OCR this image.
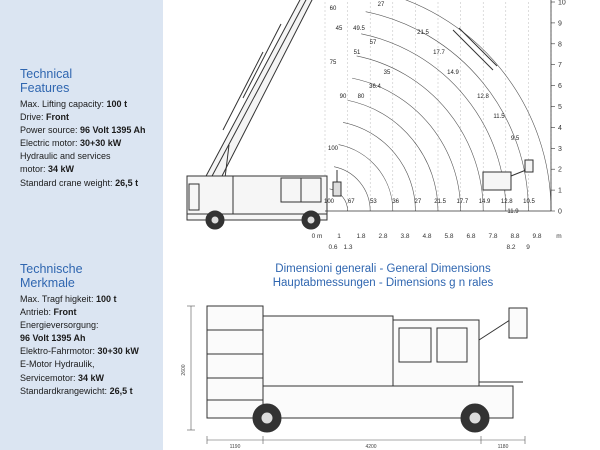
Technical
Features
Max. Lifting capacity: 100 t
Drive: Front
Power source: 96 Volt 1395 Ah
Electric motor: 30+30 kW
Hydraulic and services
motor: 34 kW
Standard crane weight: 26,5 t
Technische
Merkmale
Max. Tragf higkeit: 100 t
Antrieb: Front
Energieversorgung:
96 Volt 1395 Ah
Elektro-Fahrmotor: 30+30 kW
E-Motor Hydraulik,
Servicemotor: 34 kW
Standardkrangewicht: 26,5 t
10
9
8
7
6
5
4
3
2
1
0
0 m 1 1.8 2.8 3.8 4.8 5.8 6.8 7.8 8.8 9.8 m
0.6 1.3	8.2 9
100 67	53	36	27 21.5 17.7 14.9 12.8 10.5
11.9
60
45 49.5
75
51
57
90
100
80
36.4
35
27
21.5
17.7
14.9
12.8
11.5
9.5
Dimensioni generali - General Dimensions
Hauptabmessungen - Dimensions g n rales
2600
1190	4200	1180
